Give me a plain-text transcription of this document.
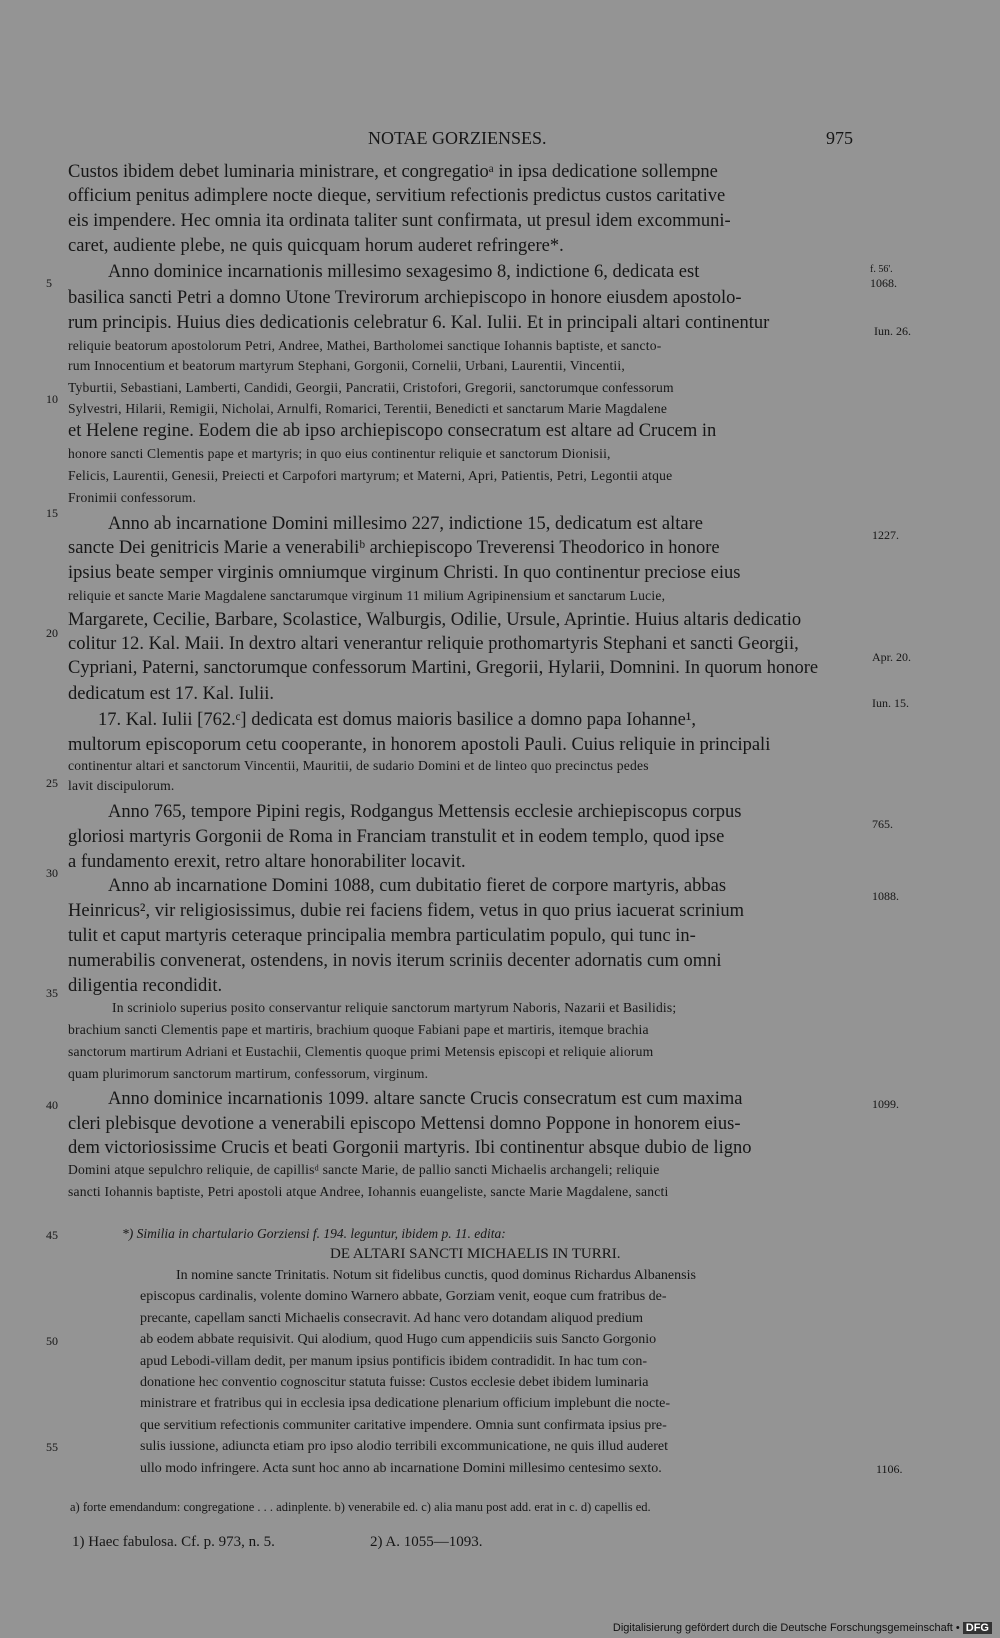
NOTAE GORZIENSES.	975
Custos ibidem debet luminaria ministrare, et congregatioᵃ in ipsa dedicatione sollempne
officium penitus adimplere nocte dieque, servitium refectionis predictus custos caritative
eis impendere. Hec omnia ita ordinata taliter sunt confirmata, ut presul idem excommuni-
caret, audiente plebe, ne quis quicquam horum auderet refringere*.
Anno dominice incarnationis millesimo sexagesimo 8, indictione 6, dedicata est
basilica sancti Petri a domno Utone Trevirorum archiepiscopo in honore eiusdem apostolo-
rum principis. Huius dies dedicationis celebratur 6. Kal. Iulii. Et in principali altari continentur
reliquie beatorum apostolorum Petri, Andree, Mathei, Bartholomei sanctique Iohannis baptiste, et sancto-
rum Innocentium et beatorum martyrum Stephani, Gorgonii, Cornelii, Urbani, Laurentii, Vincentii,
Tyburtii, Sebastiani, Lamberti, Candidi, Georgii, Pancratii, Cristofori, Gregorii, sanctorumque confessorum
Sylvestri, Hilarii, Remigii, Nicholai, Arnulfi, Romarici, Terentii, Benedicti et sanctarum Marie Magdalene
et Helene regine. Eodem die ab ipso archiepiscopo consecratum est altare ad Crucem in
honore sancti Clementis pape et martyris; in quo eius continentur reliquie et sanctorum Dionisii,
Felicis, Laurentii, Genesii, Preiecti et Carpofori martyrum; et Materni, Apri, Patientis, Petri, Legontii atque
Fronimii confessorum.
Anno ab incarnatione Domini millesimo 227, indictione 15, dedicatum est altare
sancte Dei genitricis Marie a venerabiliᵇ archiepiscopo Treverensi Theodorico in honore
ipsius beate semper virginis omniumque virginum Christi. In quo continentur preciose eius
reliquie et sancte Marie Magdalene sanctarumque virginum 11 milium Agripinensium et sanctarum Lucie,
Margarete, Cecilie, Barbare, Scolastice, Walburgis, Odilie, Ursule, Aprintie. Huius altaris dedicatio
colitur 12. Kal. Maii. In dextro altari venerantur reliquie prothomartyris Stephani et sancti Georgii,
Cypriani, Paterni, sanctorumque confessorum Martini, Gregorii, Hylarii, Domnini. In quorum honore
dedicatum est 17. Kal. Iulii.
17. Kal. Iulii [762.ᶜ] dedicata est domus maioris basilice a domno papa Iohanne¹,
multorum episcoporum cetu cooperante, in honorem apostoli Pauli. Cuius reliquie in principali
continentur altari et sanctorum Vincentii, Mauritii, de sudario Domini et de linteo quo precinctus pedes
lavit discipulorum.
Anno 765, tempore Pipini regis, Rodgangus Mettensis ecclesie archiepiscopus corpus
gloriosi martyris Gorgonii de Roma in Franciam transtulit et in eodem templo, quod ipse
a fundamento erexit, retro altare honorabiliter locavit.
Anno ab incarnatione Domini 1088, cum dubitatio fieret de corpore martyris, abbas
Heinricus², vir religiosissimus, dubie rei faciens fidem, vetus in quo prius iacuerat scrinium
tulit et caput martyris ceteraque principalia membra particulatim populo, qui tunc in-
numerabilis convenerat, ostendens, in novis iterum scriniis decenter adornatis cum omni
diligentia recondidit.
In scriniolo superius posito conservantur reliquie sanctorum martyrum Naboris, Nazarii et Basilidis;
brachium sancti Clementis pape et martiris, brachium quoque Fabiani pape et martiris, itemque brachia
sanctorum martirum Adriani et Eustachii, Clementis quoque primi Metensis episcopi et reliquie aliorum
quam plurimorum sanctorum martirum, confessorum, virginum.
Anno dominice incarnationis 1099. altare sancte Crucis consecratum est cum maxima
cleri plebisque devotione a venerabili episcopo Mettensi domno Poppone in honorem eius-
dem victoriosissime Crucis et beati Gorgonii martyris. Ibi continentur absque dubio de ligno
Domini atque sepulchro reliquie, de capillisᵈ sancte Marie, de pallio sancti Michaelis archangeli; reliquie
sancti Iohannis baptiste, Petri apostoli atque Andree, Iohannis euangeliste, sancte Marie Magdalene, sancti
In nomine sancte Trinitatis. Notum sit fidelibus cunctis, quod dominus Richardus Albanensis
episcopus cardinalis, volente domino Warnero abbate, Gorziam venit, eoque cum fratribus de-
precante, capellam sancti Michaelis consecravit. Ad hanc vero dotandam aliquod predium
ab eodem abbate requisivit. Qui alodium, quod Hugo cum appendiciis suis Sancto Gorgonio
apud Lebodi-villam dedit, per manum ipsius pontificis ibidem contradidit. In hac tum con-
donatione hec conventio cognoscitur statuta fuisse: Custos ecclesie debet ibidem luminaria
ministrare et fratribus qui in ecclesia ipsa dedicatione plenarium officium implebunt die nocte-
que servitium refectionis communiter caritative impendere. Omnia sunt confirmata ipsius pre-
sulis iussione, adiuncta etiam pro ipso alodio terribili excommunicatione, ne quis illud auderet
ullo modo infringere. Acta sunt hoc anno ab incarnatione Domini millesimo centesimo sexto.
*) Similia in chartulario Gorziensi f. 194. leguntur, ibidem p. 11. edita:
DE ALTARI SANCTI MICHAELIS IN TURRI.
a) forte emendandum: congregatione . . . adinplente. b) venerabile ed. c) alia manu post add. erat in c. d) capellis ed.
1) Haec fabulosa. Cf. p. 973, n. 5.	2) A. 1055—1093.
f. 56'.
1068.
Iun. 26.
1227.
Apr. 20.
Iun. 15.
765.
1088.
1099.
1106.
5
10
15
20
25
30
35
40
45
50
55
Digitalisierung gefördert durch die Deutsche Forschungsgemeinschaft • DFG
